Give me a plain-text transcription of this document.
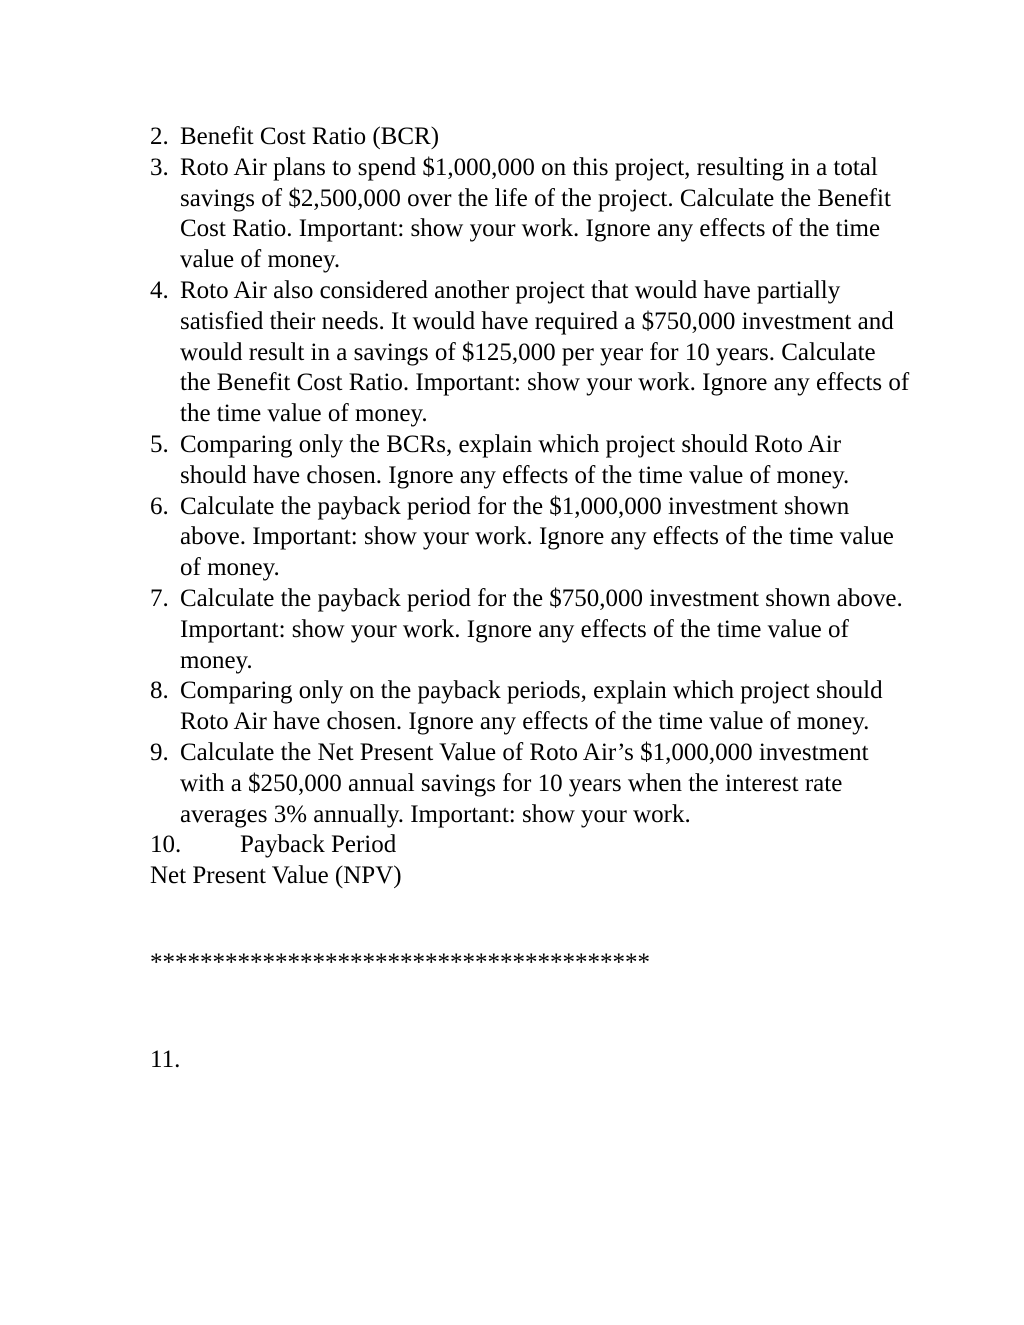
2. Benefit Cost Ratio (BCR)
3. Roto Air plans to spend $1,000,000 on this project, resulting in a total savings of $2,500,000 over the life of the project. Calculate the Benefit Cost Ratio. Important: show your work. Ignore any effects of the time value of money.
4. Roto Air also considered another project that would have partially satisfied their needs. It would have required a $750,000 investment and would result in a savings of $125,000 per year for 10 years. Calculate the Benefit Cost Ratio. Important: show your work. Ignore any effects of the time value of money.
5. Comparing only the BCRs, explain which project should Roto Air should have chosen. Ignore any effects of the time value of money.
6. Calculate the payback period for the $1,000,000 investment shown above. Important: show your work. Ignore any effects of the time value of money.
7. Calculate the payback period for the $750,000 investment shown above. Important: show your work. Ignore any effects of the time value of money.
8. Comparing only on the payback periods, explain which project should Roto Air have chosen. Ignore any effects of the time value of money.
9. Calculate the Net Present Value of Roto Air’s $1,000,000 investment with a $250,000 annual savings for 10 years when the interest rate averages 3% annually. Important: show your work.
10.	Payback Period
Net Present Value (NPV)
****************************************
11.
